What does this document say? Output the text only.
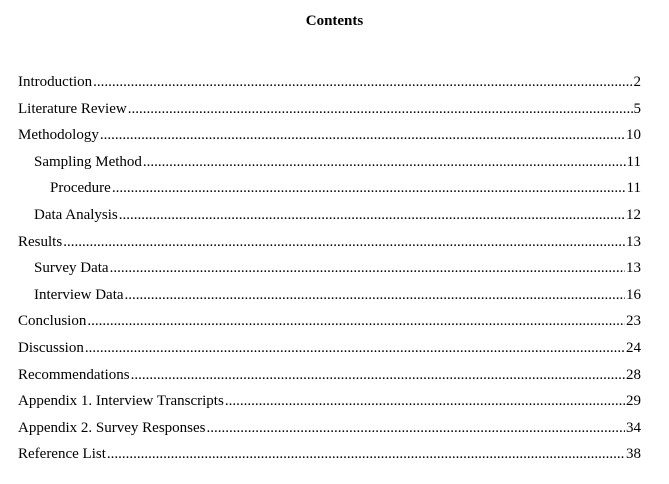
Contents
Introduction .....	2
Literature Review .....	5
Methodology .....	10
Sampling Method .....	11
Procedure .....	11
Data Analysis .....	12
Results .....	13
Survey Data .....	13
Interview Data .....	16
Conclusion .....	23
Discussion .....	24
Recommendations .....	28
Appendix 1. Interview Transcripts .....	29
Appendix 2. Survey Responses .....	34
Reference List .....	38
